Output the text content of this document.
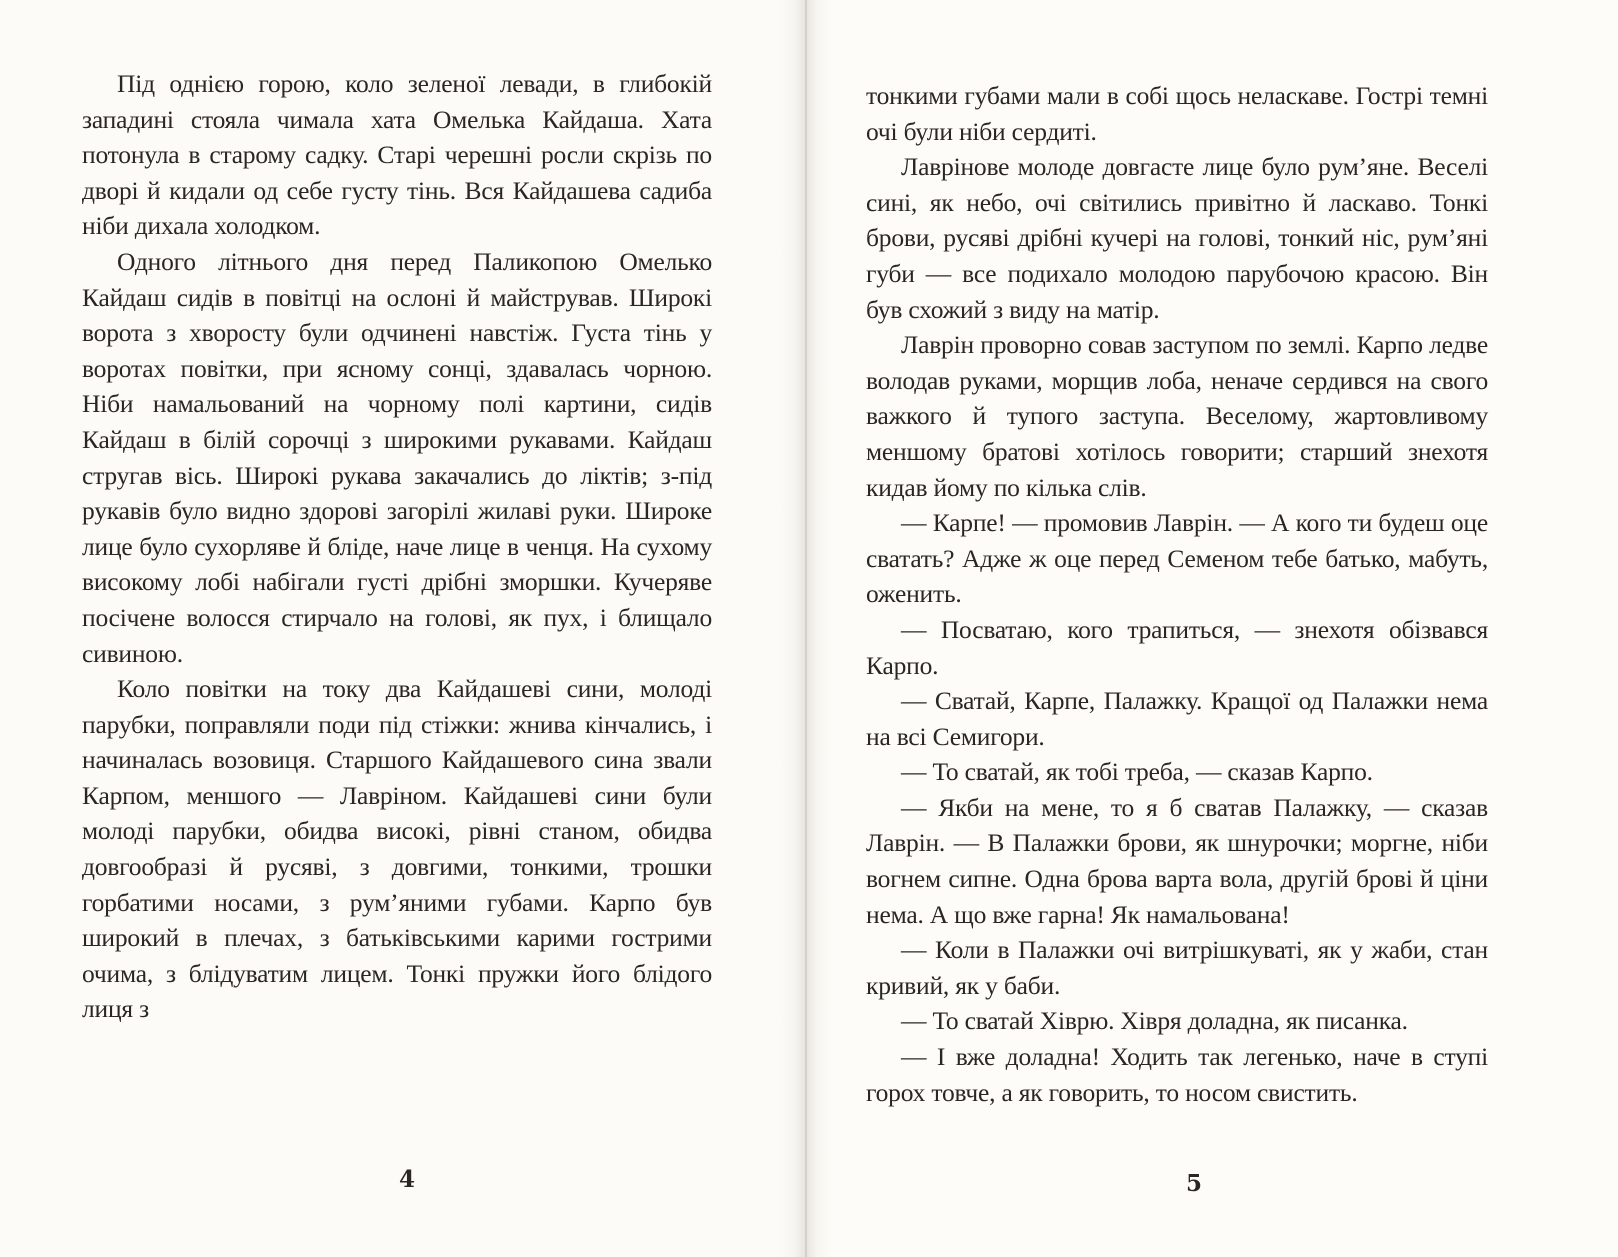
Під однією горою, коло зеленої левади, в глибокій западині стояла чимала хата Омелька Кайдаша. Хата потонула в старому садку. Старі черешні росли скрізь по дворі й кидали од себе густу тінь. Вся Кайдашева садиба ніби дихала холодком.

Одного літнього дня перед Паликопою Омелько Кайдаш сидів в повітці на ослоні й майстрував. Широкі ворота з хворосту були одчинені навстіж. Густа тінь у воротах повітки, при ясному сонці, здавалась чорною. Ніби намальований на чорному полі картини, сидів Кайдаш в білій сорочці з широкими рукавами. Кайдаш стругав вісь. Широкі рукава закачались до ліктів; з-під рукавів було видно здорові загорілі жилаві руки. Широке лице було сухорляве й бліде, наче лице в ченця. На сухому високому лобі набігали густі дрібні зморшки. Кучеряве посічене волосся стирчало на голові, як пух, і блищало сивиною.

Коло повітки на току два Кайдашеві сини, молоді парубки, поправляли поди під стіжки: жнива кінчались, і начиналась возовиця. Старшого Кайдашевого сина звали Карпом, меншого — Лавріном. Кайдашеві сини були молоді парубки, обидва високі, рівні станом, обидва довгообразі й русяві, з довгими, тонкими, трошки горбатими носами, з рум’яними губами. Карпо був широкий в плечах, з батьківськими карими гострими очима, з блідуватим лицем. Тонкі пружки його блідого лиця з

4

тонкими губами мали в собі щось неласкаве. Гострі темні очі були ніби сердиті.

Лаврінове молоде довгасте лице було рум’яне. Веселі сині, як небо, очі світились привітно й ласкаво. Тонкі брови, русяві дрібні кучері на голові, тонкий ніс, рум’яні губи — все подихало молодою парубочою красою. Він був схожий з виду на матір.

Лаврін проворно совав заступом по землі. Карпо ледве володав руками, морщив лоба, неначе сердився на свого важкого й тупого заступа. Веселому, жартовливому меншому братові хотілось говорити; старший знехотя кидав йому по кілька слів.

— Карпе! — промовив Лаврін. — А кого ти будеш оце сватать? Адже ж оце перед Семеном тебе батько, мабуть, оженить.

— Посватаю, кого трапиться, — знехотя обізвався Карпо.

— Сватай, Карпе, Палажку. Кращої од Палажки нема на всі Семигори.

— То сватай, як тобі треба, — сказав Карпо.

— Якби на мене, то я б сватав Палажку, — сказав Лаврін. — В Палажки брови, як шнурочки; моргне, ніби вогнем сипне. Одна брова варта вола, другій брові й ціни нема. А що вже гарна! Як намальована!

— Коли в Палажки очі витрішкуваті, як у жаби, стан кривий, як у баби.

— То сватай Хіврю. Хівря доладна, як писанка.

— І вже доладна! Ходить так легенько, наче в ступі горох товче, а як говорить, то носом свистить.

5
